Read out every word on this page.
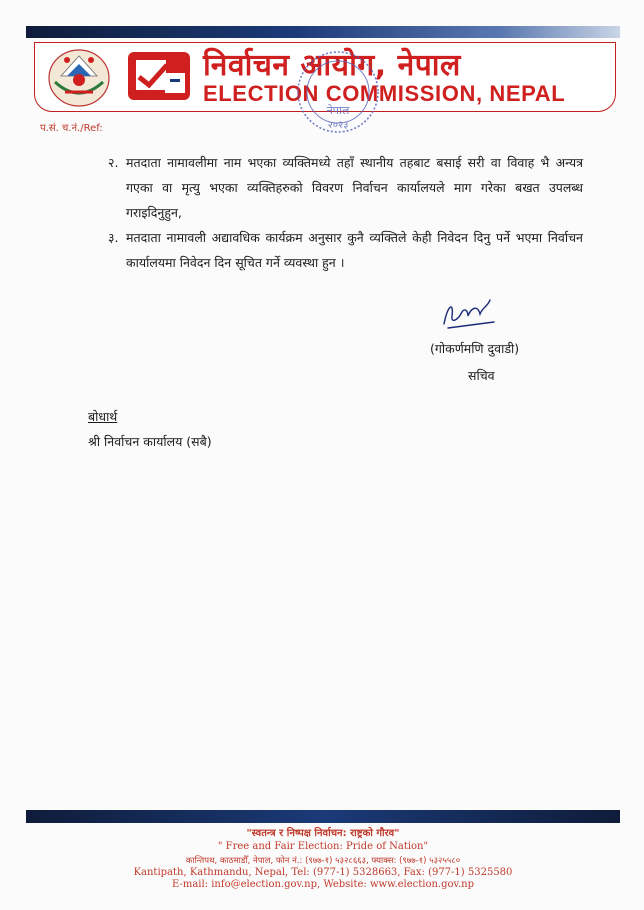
निर्वाचन आयोग, नेपाल
ELECTION COMMISSION, NEPAL
नेपाल
२०२३
प.सं. च.नं./Ref:
२. मतदाता नामावलीमा नाम भएका व्यक्तिमध्ये तहाँ स्थानीय तहबाट बसाई सरी वा विवाह भै अन्यत्र गएका वा मृत्यु भएका व्यक्तिहरुको विवरण निर्वाचन कार्यालयले माग गरेका बखत उपलब्ध गराइदिनुहुन,
३. मतदाता नामावली अद्यावधिक कार्यक्रम अनुसार कुनै व्यक्तिले केही निवेदन दिनु पर्ने भएमा निर्वाचन कार्यालयमा निवेदन दिन सूचित गर्ने व्यवस्था हुन ।
(गोकर्णमणि दुवाडी)
सचिव
बोधार्थ
श्री निर्वाचन कार्यालय (सबै)
"स्वतन्त्र र निष्पक्ष निर्वाचन: राष्ट्रको गौरव"
" Free and Fair Election: Pride of Nation"
कान्तिपथ, काठमाडौँ, नेपाल, फोन नं.: (९७७-१) ५३२८६६३, फ्याक्स: (९७७-१) ५३२५५८०
Kantipath, Kathmandu, Nepal, Tel: (977-1) 5328663, Fax: (977-1) 5325580
E-mail: info@election.gov.np, Website: www.election.gov.np
